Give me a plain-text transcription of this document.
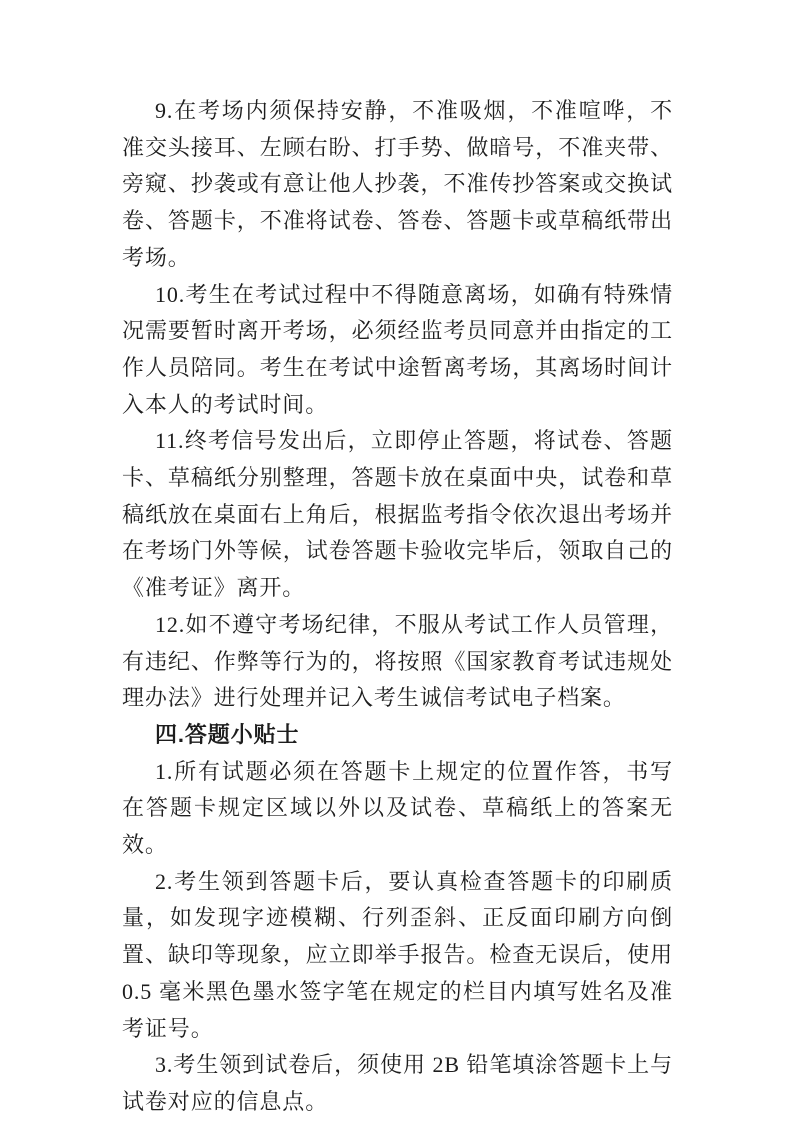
9.在考场内须保持安静，不准吸烟，不准喧哗，不准交头接耳、左顾右盼、打手势、做暗号，不准夹带、旁窥、抄袭或有意让他人抄袭，不准传抄答案或交换试卷、答题卡，不准将试卷、答卷、答题卡或草稿纸带出考场。

10.考生在考试过程中不得随意离场，如确有特殊情况需要暂时离开考场，必须经监考员同意并由指定的工作人员陪同。考生在考试中途暂离考场，其离场时间计入本人的考试时间。

11.终考信号发出后，立即停止答题，将试卷、答题卡、草稿纸分别整理，答题卡放在桌面中央，试卷和草稿纸放在桌面右上角后，根据监考指令依次退出考场并在考场门外等候，试卷答题卡验收完毕后，领取自己的《准考证》离开。

12.如不遵守考场纪律，不服从考试工作人员管理，有违纪、作弊等行为的，将按照《国家教育考试违规处理办法》进行处理并记入考生诚信考试电子档案。

四.答题小贴士

1.所有试题必须在答题卡上规定的位置作答，书写在答题卡规定区域以外以及试卷、草稿纸上的答案无效。

2.考生领到答题卡后，要认真检查答题卡的印刷质量，如发现字迹模糊、行列歪斜、正反面印刷方向倒置、缺印等现象，应立即举手报告。检查无误后，使用 0.5 毫米黑色墨水签字笔在规定的栏目内填写姓名及准考证号。

3.考生领到试卷后，须使用 2B 铅笔填涂答题卡上与试卷对应的信息点。
